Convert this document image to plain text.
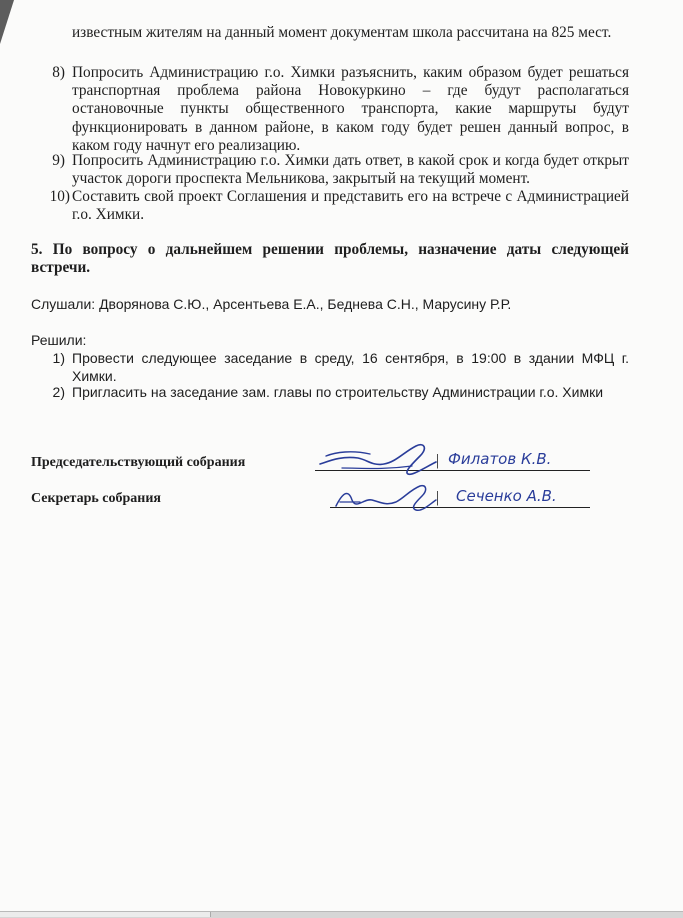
известным жителям на данный момент документам школа рассчитана на 825 мест.

8) Попросить Администрацию г.о. Химки разъяснить, каким образом будет решаться транспортная проблема района Новокуркино – где будут располагаться остановочные пункты общественного транспорта, какие маршруты будут функционировать в данном районе, в каком году будет решен данный вопрос, в каком году начнут его реализацию.
9) Попросить Администрацию г.о. Химки дать ответ, в какой срок и когда будет открыт участок дороги проспекта Мельникова, закрытый на текущий момент.
10) Составить свой проект Соглашения и представить его на встрече с Администрацией г.о. Химки.

5. По вопросу о дальнейшем решении проблемы, назначение даты следующей встречи.

Слушали: Дворянова С.Ю., Арсентьева Е.А., Беднева С.Н., Марусину Р.Р.

Решили:

1) Провести следующее заседание в среду, 16 сентября, в 19:00 в здании МФЦ г. Химки.
2) Пригласить на заседание зам. главы по строительству Администрации г.о. Химки
Председательствующий собрания
Секретарь собрания
|
|
Филатов К.В.
Сеченко А.В.
